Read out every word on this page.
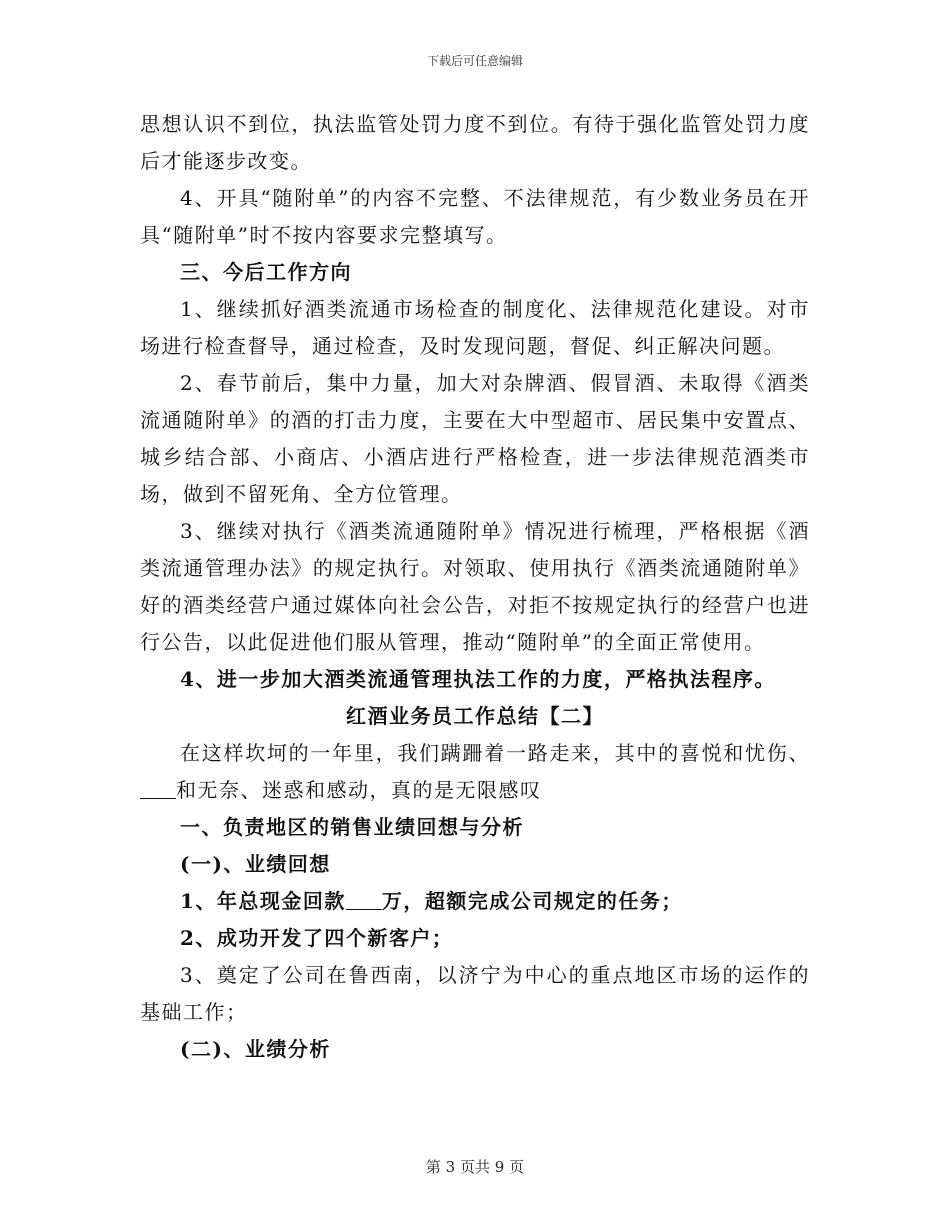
下载后可任意编辑

思想认识不到位，执法监管处罚力度不到位。有待于强化监管处罚力度后才能逐步改变。

4、开具“随附单”的内容不完整、不法律规范，有少数业务员在开具“随附单”时不按内容要求完整填写。

三、今后工作方向

1、继续抓好酒类流通市场检查的制度化、法律规范化建设。对市场进行检查督导，通过检查，及时发现问题，督促、纠正解决问题。

2、春节前后，集中力量，加大对杂牌酒、假冒酒、未取得《酒类流通随附单》的酒的打击力度，主要在大中型超市、居民集中安置点、城乡结合部、小商店、小酒店进行严格检查，进一步法律规范酒类市场，做到不留死角、全方位管理。

3、继续对执行《酒类流通随附单》情况进行梳理，严格根据《酒类流通管理办法》的规定执行。对领取、使用执行《酒类流通随附单》好的酒类经营户通过媒体向社会公告，对拒不按规定执行的经营户也进行公告，以此促进他们服从管理，推动“随附单”的全面正常使用。

4、进一步加大酒类流通管理执法工作的力度，严格执法程序。

红酒业务员工作总结【二】

在这样坎坷的一年里，我们蹒跚着一路走来，其中的喜悦和忧伤、和无奈、迷惑和感动，真的是无限感叹

一、负责地区的销售业绩回想与分析

(一)、业绩回想

1、年总现金回款 万，超额完成公司规定的任务；

2、成功开发了四个新客户；

3、奠定了公司在鲁西南，以济宁为中心的重点地区市场的运作的基础工作；

(二)、业绩分析

第 3 页共 9 页
